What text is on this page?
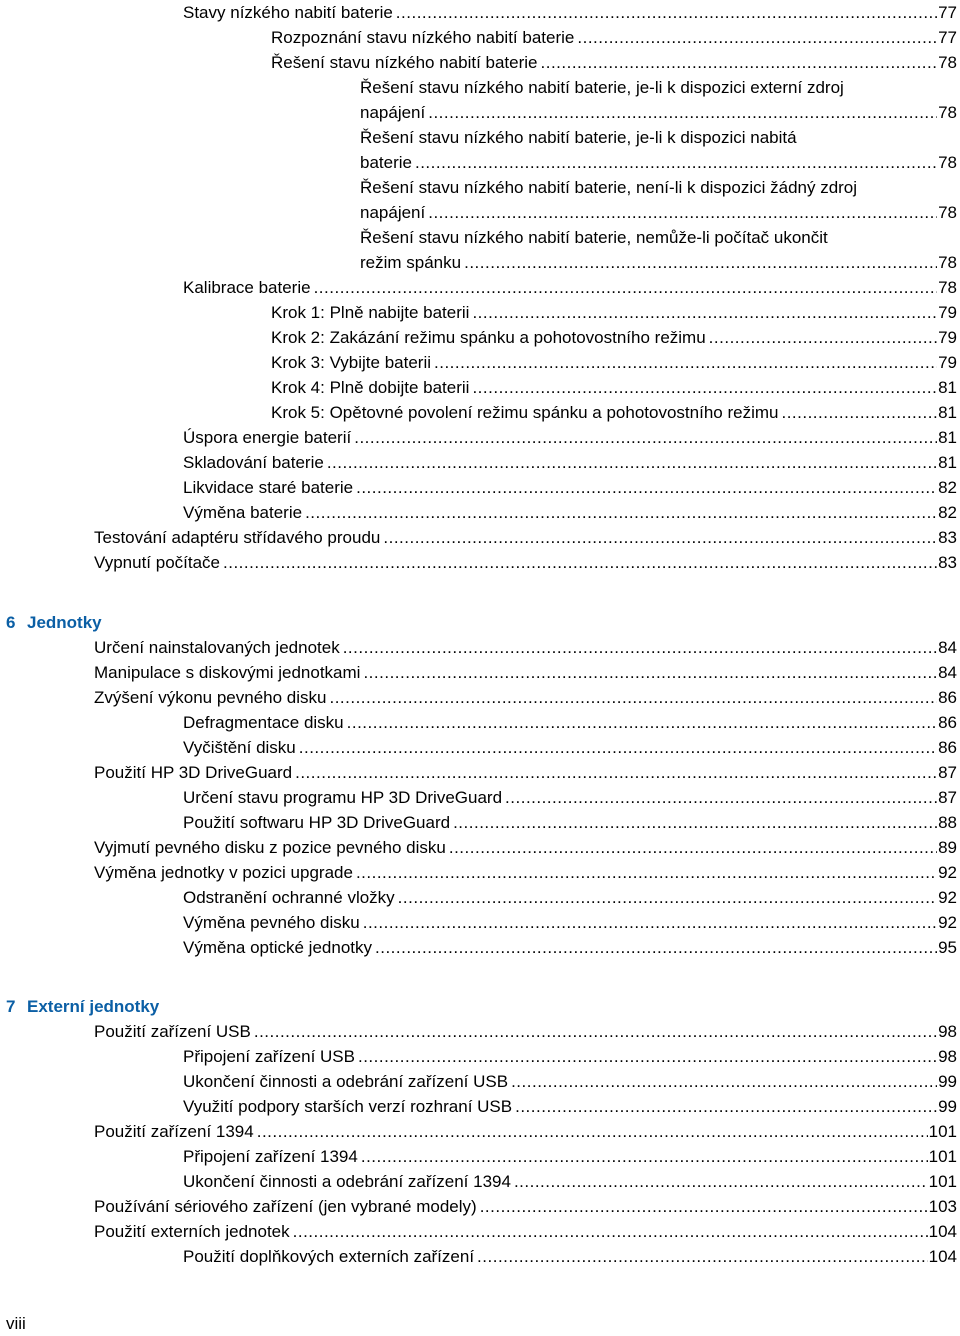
6 Jednotky
7 Externí jednotky
Stavy nízkého nabití baterie .....	77
Rozpoznání stavu nízkého nabití baterie .....	77
Řešení stavu nízkého nabití baterie .....	78
Řešení stavu nízkého nabití baterie, je-li k dispozici externí zdroj
napájení .....	78
Řešení stavu nízkého nabití baterie, je-li k dispozici nabitá
baterie .....	78
Řešení stavu nízkého nabití baterie, není-li k dispozici žádný zdroj
napájení .....	78
Řešení stavu nízkého nabití baterie, nemůže-li počítač ukončit
režim spánku .....	78
Kalibrace baterie .....	78
Krok 1: Plně nabijte baterii .....	79
Krok 2: Zakázání režimu spánku a pohotovostního režimu .....	79
Krok 3: Vybijte baterii .....	79
Krok 4: Plně dobijte baterii .....	81
Krok 5: Opětovné povolení režimu spánku a pohotovostního režimu .....	81
Úspora energie baterií .....	81
Skladování baterie .....	81
Likvidace staré baterie .....	82
Výměna baterie .....	82
Testování adaptéru střídavého proudu .....	83
Vypnutí počítače .....	83
Určení nainstalovaných jednotek .....	84
Manipulace s diskovými jednotkami .....	84
Zvýšení výkonu pevného disku .....	86
Defragmentace disku .....	86
Vyčištění disku .....	86
Použití HP 3D DriveGuard .....	87
Určení stavu programu HP 3D DriveGuard .....	87
Použití softwaru HP 3D DriveGuard .....	88
Vyjmutí pevného disku z pozice pevného disku .....	89
Výměna jednotky v pozici upgrade .....	92
Odstranění ochranné vložky .....	92
Výměna pevného disku .....	92
Výměna optické jednotky .....	95
Použití zařízení USB .....	98
Připojení zařízení USB .....	98
Ukončení činnosti a odebrání zařízení USB .....	99
Využití podpory starších verzí rozhraní USB .....	99
Použití zařízení 1394 .....	101
Připojení zařízení 1394 .....	101
Ukončení činnosti a odebrání zařízení 1394 .....	101
Používání sériového zařízení (jen vybrané modely) .....	103
Použití externích jednotek .....	104
Použití doplňkových externích zařízení .....	104
viii
